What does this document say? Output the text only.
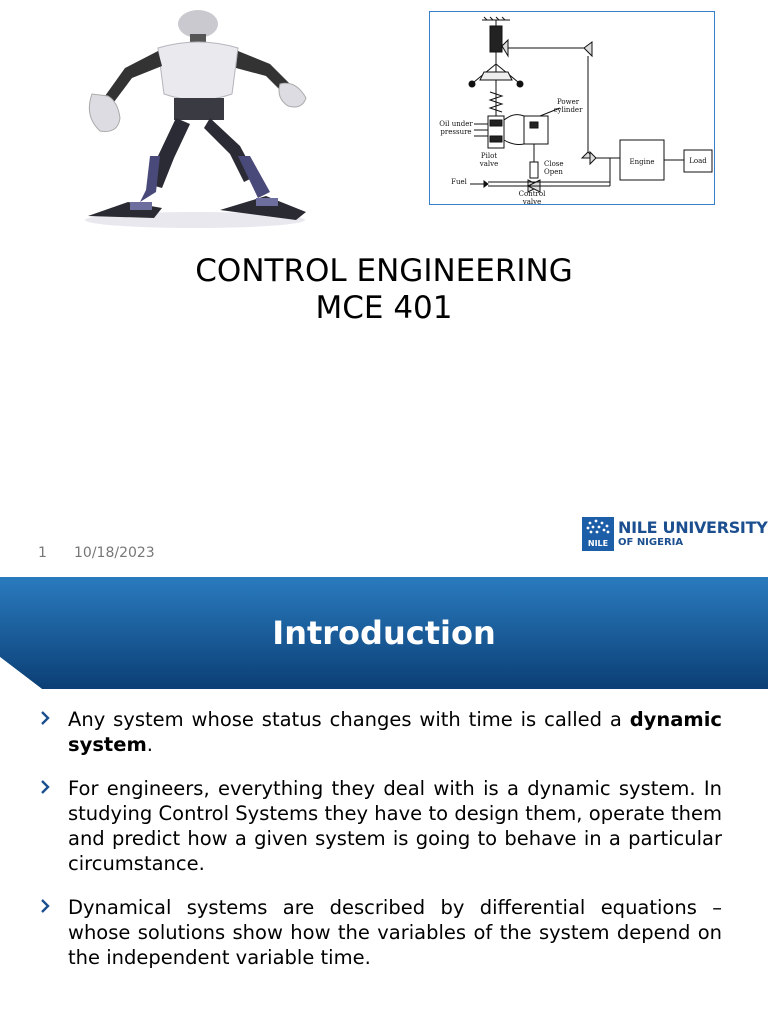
Power
cylinder
Oil under
pressure
Pilot
valve	Close
Open
Fuel
Control
valve
Engine	Load
CONTROL ENGINEERING
MCE 401
1 10/18/2023
NILE
NILE UNIVERSITY
OF NIGERIA
Introduction
Any system whose status changes with time is called a dynamic system.
For engineers, everything they deal with is a dynamic system. In studying Control Systems they have to design them, operate them and predict how a given system is going to behave in a particular circumstance.
Dynamical systems are described by differential equations – whose solutions show how the variables of the system depend on the independent variable time.
